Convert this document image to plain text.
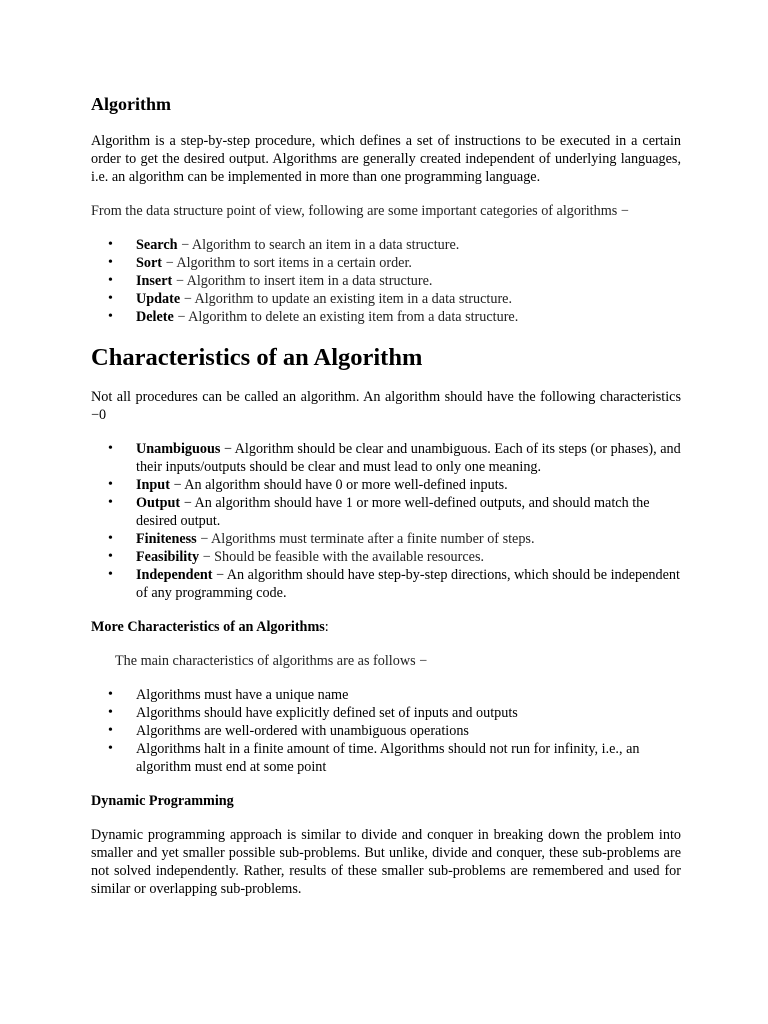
Algorithm

Algorithm is a step-by-step procedure, which defines a set of instructions to be executed in a certain order to get the desired output. Algorithms are generally created independent of underlying languages, i.e. an algorithm can be implemented in more than one programming language.

From the data structure point of view, following are some important categories of algorithms −

• Search − Algorithm to search an item in a data structure.
• Sort − Algorithm to sort items in a certain order.
• Insert − Algorithm to insert item in a data structure.
• Update − Algorithm to update an existing item in a data structure.
• Delete − Algorithm to delete an existing item from a data structure.
Characteristics of an Algorithm

Not all procedures can be called an algorithm. An algorithm should have the following characteristics −0

• Unambiguous − Algorithm should be clear and unambiguous. Each of its steps (or phases), and their inputs/outputs should be clear and must lead to only one meaning.
• Input − An algorithm should have 0 or more well-defined inputs.
• Output − An algorithm should have 1 or more well-defined outputs, and should match the desired output.
• Finiteness − Algorithms must terminate after a finite number of steps.
• Feasibility − Should be feasible with the available resources.
• Independent − An algorithm should have step-by-step directions, which should be independent of any programming code.
More Characteristics of an Algorithms:

The main characteristics of algorithms are as follows −

• Algorithms must have a unique name
• Algorithms should have explicitly defined set of inputs and outputs
• Algorithms are well-ordered with unambiguous operations
• Algorithms halt in a finite amount of time. Algorithms should not run for infinity, i.e., an algorithm must end at some point
Dynamic Programming

Dynamic programming approach is similar to divide and conquer in breaking down the problem into smaller and yet smaller possible sub-problems. But unlike, divide and conquer, these sub-problems are not solved independently. Rather, results of these smaller sub-problems are remembered and used for similar or overlapping sub-problems.
